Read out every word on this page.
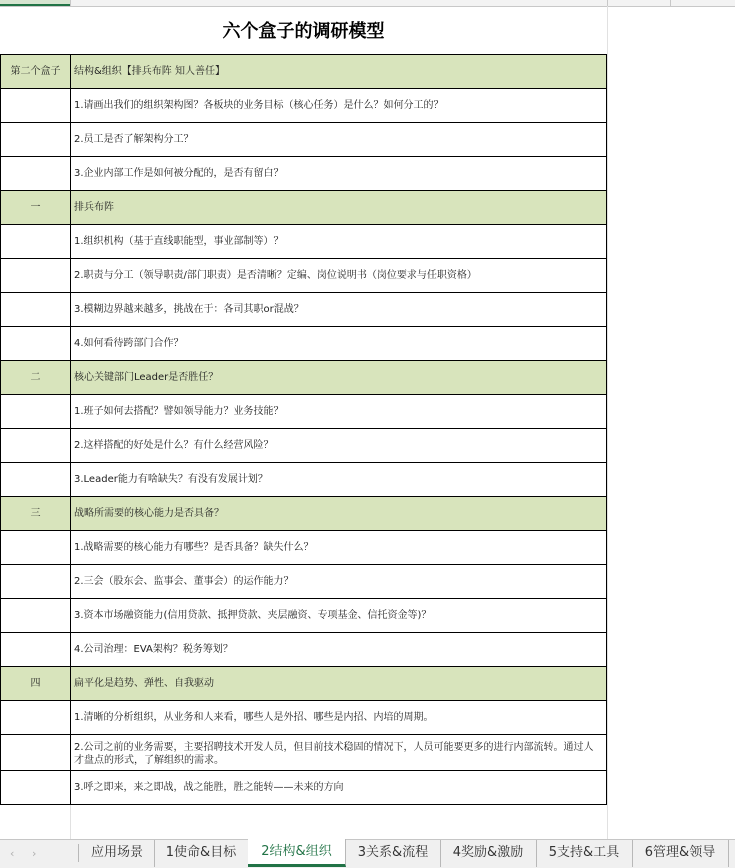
六个盒子的调研模型
第二个盒子	结构&组织【排兵布阵 知人善任】
	1.请画出我们的组织架构图？各板块的业务目标（核心任务）是什么？如何分工的？
	2.员工是否了解架构分工？
	3.企业内部工作是如何被分配的，是否有留白？
一	排兵布阵
	1.组织机构（基于直线职能型，事业部制等）？
	2.职责与分工（领导职责/部门职责）是否清晰？定编、岗位说明书（岗位要求与任职资格）
	3.模糊边界越来越多，挑战在于：各司其职or混战？
	4.如何看待跨部门合作？
二	核心关键部门Leader是否胜任？
	1.班子如何去搭配？譬如领导能力？业务技能？
	2.这样搭配的好处是什么？有什么经营风险？
	3.Leader能力有啥缺失？有没有发展计划？
三	战略所需要的核心能力是否具备？
	1.战略需要的核心能力有哪些？是否具备？缺失什么？
	2.三会（股东会、监事会、董事会）的运作能力？
	3.资本市场融资能力(信用贷款、抵押贷款、夹层融资、专项基金、信托资金等)？
	4.公司治理：EVA架构？税务筹划？
四	扁平化是趋势、弹性、自我驱动
	1.清晰的分析组织，从业务和人来看，哪些人是外招、哪些是内招、内培的周期。
	2.公司之前的业务需要，主要招聘技术开发人员，但目前技术稳固的情况下，人员可能要更多的进行内部流转。通过人才盘点的形式，了解组织的需求。
	3.呼之即来，来之即战，战之能胜，胜之能转——未来的方向

‹ ›	应用场景	1使命&目标	2结构&组织	3关系&流程	4奖励&激励	5支持&工具	6管理&领导
